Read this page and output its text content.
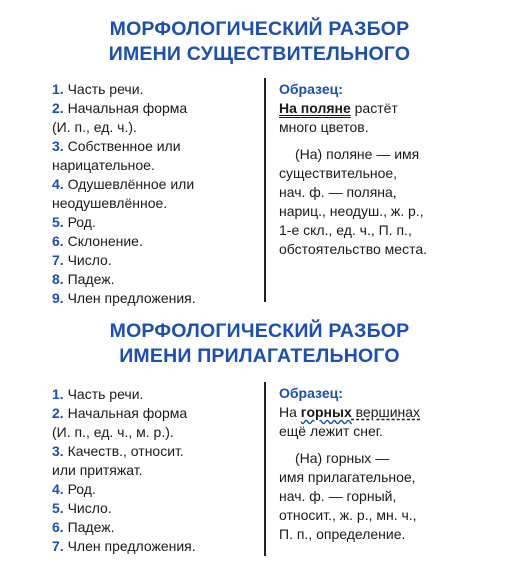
МОРФОЛОГИЧЕСКИЙ РАЗБОР
ИМЕНИ СУЩЕСТВИТЕЛЬНОГО
1. Часть речи.
2. Начальная форма
(И. п., ед. ч.).
3. Собственное или
нарицательное.
4. Одушевлённое или
неодушевлённое.
5. Род.
6. Склонение.
7. Число.
8. Падеж.
9. Член предложения.
Образец:
На поляне растёт
много цветов.
(На) поляне — имя
существительное,
нач. ф. — поляна,
нариц., неодуш., ж. р.,
1-е скл., ед. ч., П. п.,
обстоятельство места.
МОРФОЛОГИЧЕСКИЙ РАЗБОР
ИМЕНИ ПРИЛАГАТЕЛЬНОГО
1. Часть речи.
2. Начальная форма
(И. п., ед. ч., м. р.).
3. Качеств., относит.
или притяжат.
4. Род.
5. Число.
6. Падеж.
7. Член предложения.
Образец:
На горных вершинах
ещё лежит снег.
(На) горных —
имя прилагательное,
нач. ф. — горный,
относит., ж. р., мн. ч.,
П. п., определение.
